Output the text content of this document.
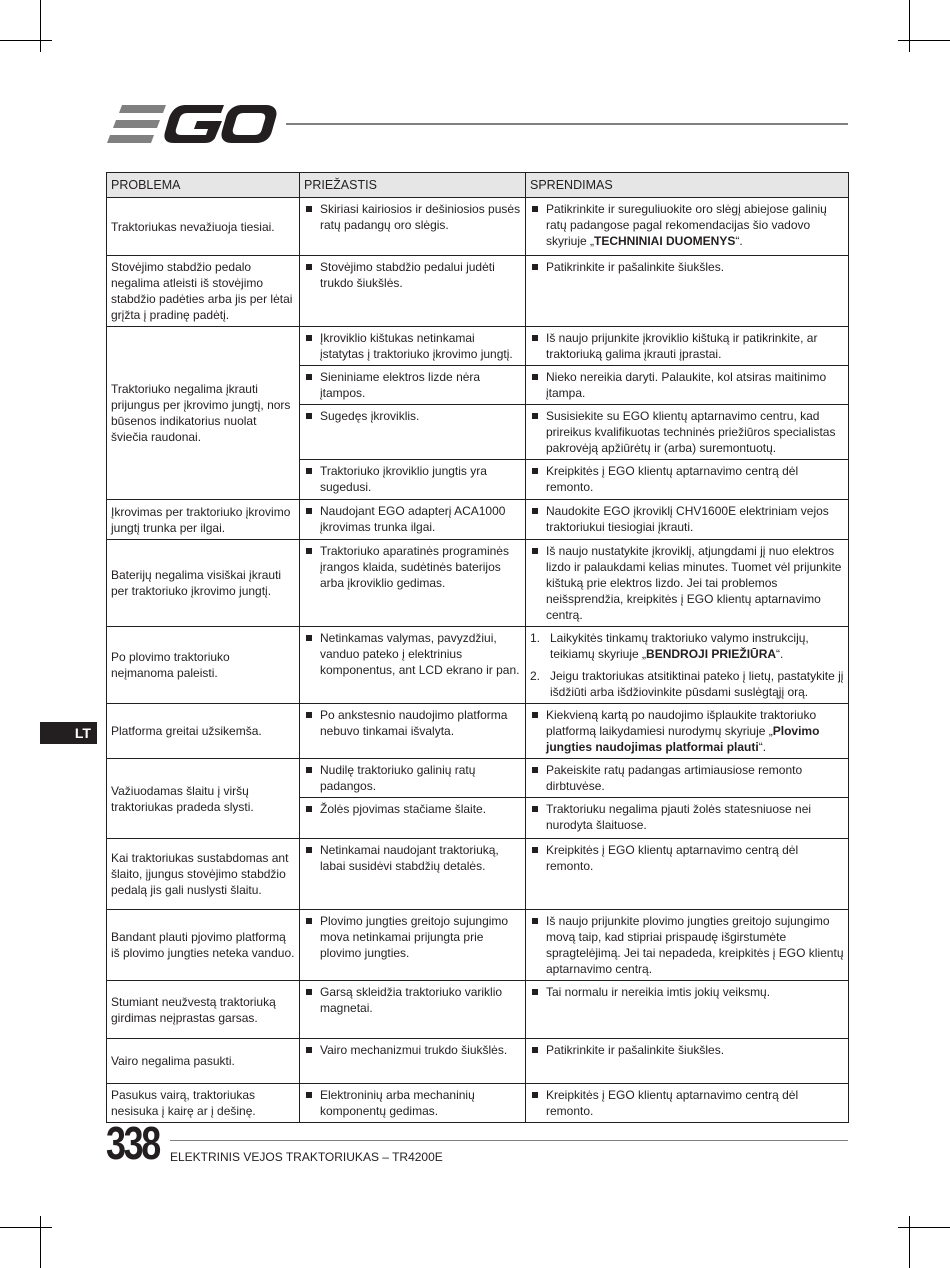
LT
PROBLEMA	PRIEŽASTIS	SPRENDIMAS
Traktoriukas nevažiuoja tiesiai.	Skiriasi kairiosios ir dešiniosios pusės ratų padangų oro slėgis.	Patikrinkite ir sureguliuokite oro slėgį abiejose galinių ratų padangose pagal rekomendacijas šio vadovo skyriuje „TECHNINIAI DUOMENYS“.

Stovėjimo stabdžio pedalo negalima atleisti iš stovėjimo stabdžio padėties arba jis per lėtai grįžta į pradinę padėtį.	Stovėjimo stabdžio pedalui judėti trukdo šiukšlės.	Patikrinkite ir pašalinkite šiukšles.

Traktoriuko negalima įkrauti prijungus per įkrovimo jungtį, nors būsenos indikatorius nuolat šviečia raudonai.	Įkroviklio kištukas netinkamai įstatytas į traktoriuko įkrovimo jungtį.	Iš naujo prijunkite įkroviklio kištuką ir patikrinkite, ar traktoriuką galima įkrauti įprastai.

	Sieniniame elektros lizde nėra įtampos.	Nieko nereikia daryti. Palaukite, kol atsiras maitinimo įtampa.

	Sugedęs įkroviklis.	Susisiekite su EGO klientų aptarnavimo centru, kad prireikus kvalifikuotas techninės priežiūros specialistas pakrovėją apžiūrėtų ir (arba) suremontuotų.

	Traktoriuko įkroviklio jungtis yra sugedusi.	Kreipkitės į EGO klientų aptarnavimo centrą dėl remonto.

Įkrovimas per traktoriuko įkrovimo jungtį trunka per ilgai.	Naudojant EGO adapterį ACA1000 įkrovimas trunka ilgai.	Naudokite EGO įkroviklį CHV1600E elektriniam vejos traktoriukui tiesiogiai įkrauti.

Baterijų negalima visiškai įkrauti per traktoriuko įkrovimo jungtį.	Traktoriuko aparatinės programinės įrangos klaida, sudėtinės baterijos arba įkroviklio gedimas.	Iš naujo nustatykite įkroviklį, atjungdami jį nuo elektros lizdo ir palaukdami kelias minutes. Tuomet vėl prijunkite kištuką prie elektros lizdo. Jei tai problemos neišsprendžia, kreipkitės į EGO klientų aptarnavimo centrą.

Po plovimo traktoriuko neįmanoma paleisti.	Netinkamas valymas, pavyzdžiui, vanduo pateko į elektrinius komponentus, ant LCD ekrano ir pan.	1. Laikykitės tinkamų traktoriuko valymo instrukcijų, teikiamų skyriuje „BENDROJI PRIEŽIŪRA“.
2. Jeigu traktoriukas atsitiktinai pateko į lietų, pastatykite jį išdžiūti arba išdžiovinkite pūsdami suslėgtąjį orą.

Platforma greitai užsikemša.	Po ankstesnio naudojimo platforma nebuvo tinkamai išvalyta.	Kiekvieną kartą po naudojimo išplaukite traktoriuko platformą laikydamiesi nurodymų skyriuje „Plovimo jungties naudojimas platformai plauti“.

Važiuodamas šlaitu į viršų traktoriukas pradeda slysti.	Nudilę traktoriuko galinių ratų padangos.	Pakeiskite ratų padangas artimiausiose remonto dirbtuvėse.

	Žolės pjovimas stačiame šlaite.	Traktoriuku negalima pjauti žolės statesniuose nei nurodyta šlaituose.

Kai traktoriukas sustabdomas ant šlaito, įjungus stovėjimo stabdžio pedalą jis gali nuslysti šlaitu.	Netinkamai naudojant traktoriuką, labai susidėvi stabdžių detalės.	Kreipkitės į EGO klientų aptarnavimo centrą dėl remonto.

Bandant plauti pjovimo platformą iš plovimo jungties neteka vanduo.	Plovimo jungties greitojo sujungimo mova netinkamai prijungta prie plovimo jungties.	Iš naujo prijunkite plovimo jungties greitojo sujungimo movą taip, kad stipriai prispaudę išgirstumėte spragtelėjimą. Jei tai nepadeda, kreipkitės į EGO klientų aptarnavimo centrą.

Stumiant neužvestą traktoriuką girdimas neįprastas garsas.	Garsą skleidžia traktoriuko variklio magnetai.	Tai normalu ir nereikia imtis jokių veiksmų.

Vairo negalima pasukti.	Vairo mechanizmui trukdo šiukšlės.	Patikrinkite ir pašalinkite šiukšles.

Pasukus vairą, traktoriukas nesisuka į kairę ar į dešinę.	Elektroninių arba mechaninių komponentų gedimas.	Kreipkitės į EGO klientų aptarnavimo centrą dėl remonto.
338 ELEKTRINIS VEJOS TRAKTORIUKAS – TR4200E
